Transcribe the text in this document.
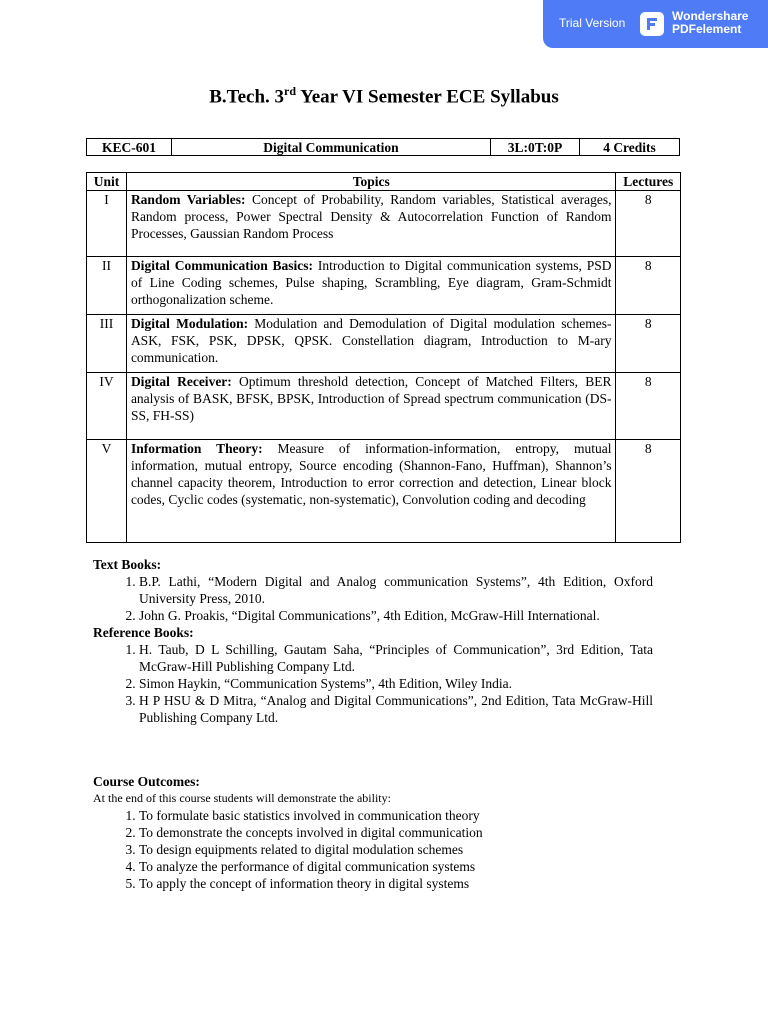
Trial Version	Wondershare
PDFelement
B.Tech. 3rd Year VI Semester ECE Syllabus
KEC-601	Digital Communication	3L:0T:0P	4 Credits
Unit	Topics	Lectures
I	Random Variables: Concept of Probability, Random variables, Statistical averages, Random process, Power Spectral Density & Autocorrelation Function of Random Processes, Gaussian Random Process	8
II	Digital Communication Basics: Introduction to Digital communication systems, PSD of Line Coding schemes, Pulse shaping, Scrambling, Eye diagram, Gram-Schmidt orthogonalization scheme.	8
III	Digital Modulation: Modulation and Demodulation of Digital modulation schemes-ASK, FSK, PSK, DPSK, QPSK. Constellation diagram, Introduction to M-ary communication.	8
IV	Digital Receiver: Optimum threshold detection, Concept of Matched Filters, BER analysis of BASK, BFSK, BPSK, Introduction of Spread spectrum communication (DS-SS, FH-SS)	8
V	Information Theory: Measure of information-information, entropy, mutual information, mutual entropy, Source encoding (Shannon-Fano, Huffman), Shannon’s channel capacity theorem, Introduction to error correction and detection, Linear block codes, Cyclic codes (systematic, non-systematic), Convolution coding and decoding	8
Text Books:
1. B.P. Lathi, “Modern Digital and Analog communication Systems”, 4th Edition, Oxford University Press, 2010.
2. John G. Proakis, “Digital Communications”, 4th Edition, McGraw-Hill International.
Reference Books:
1. H. Taub, D L Schilling, Gautam Saha, “Principles of Communication”, 3rd Edition, Tata McGraw-Hill Publishing Company Ltd.
2. Simon Haykin, “Communication Systems”, 4th Edition, Wiley India.
3. H P HSU & D Mitra, “Analog and Digital Communications”, 2nd Edition, Tata McGraw-Hill Publishing Company Ltd.
Course Outcomes:

At the end of this course students will demonstrate the ability:

1. To formulate basic statistics involved in communication theory
2. To demonstrate the concepts involved in digital communication
3. To design equipments related to digital modulation schemes
4. To analyze the performance of digital communication systems
5. To apply the concept of information theory in digital systems
